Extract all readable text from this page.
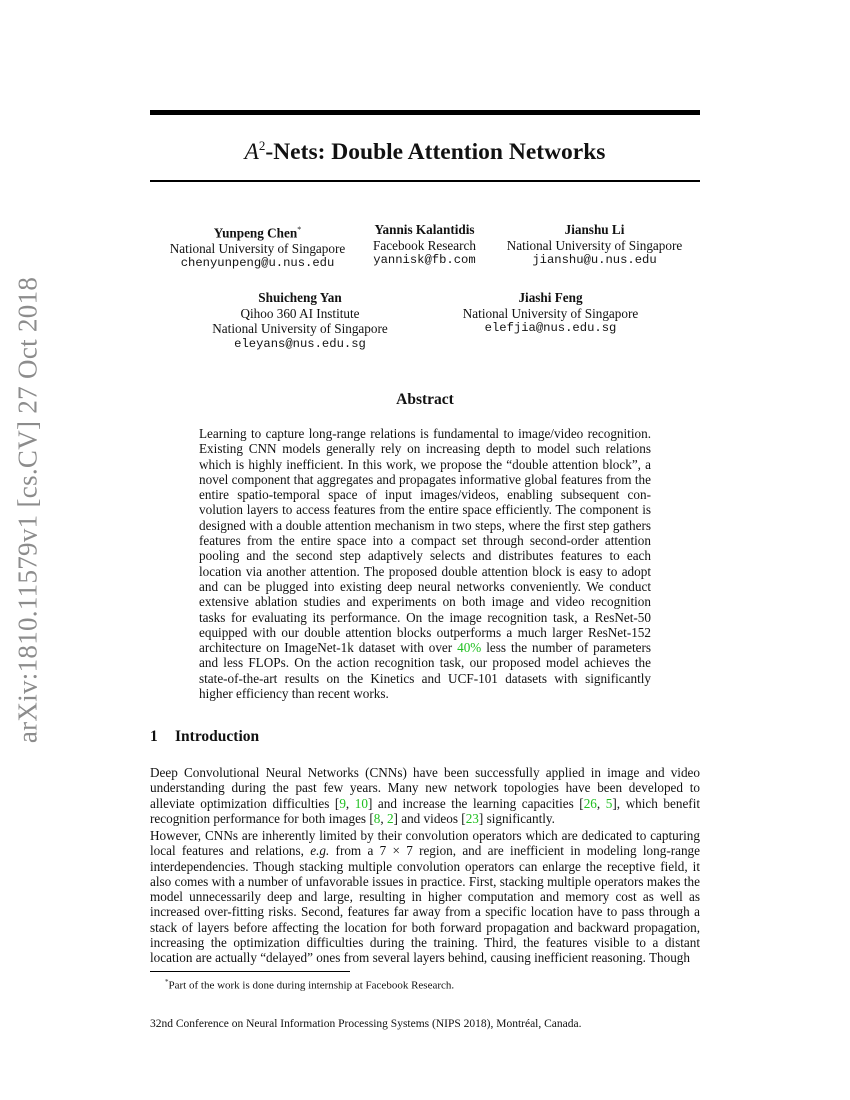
arXiv:1810.11579v1 [cs.CV] 27 Oct 2018
$A^2$-Nets: Double Attention Networks
Yunpeng Chen*
National University of Singapore
chenyunpeng@u.nus.edu
Yannis Kalantidis
Facebook Research
yannisk@fb.com
Jianshu Li
National University of Singapore
jianshu@u.nus.edu
Shuicheng Yan
Qihoo 360 AI Institute
National University of Singapore
eleyans@nus.edu.sg
Jiashi Feng
National University of Singapore
elefjia@nus.edu.sg
Abstract
Learning to capture long-range relations is fundamental to image/video recognition. Existing CNN models generally rely on increasing depth to model such relations which is highly inefficient. In this work, we propose the “double attention block”, a novel component that aggregates and propagates informative global features from the entire spatio-temporal space of input images/videos, enabling subsequent convolution layers to access features from the entire space efficiently. The component is designed with a double attention mechanism in two steps, where the first step gathers features from the entire space into a compact set through second-order attention pooling and the second step adaptively selects and distributes features to each location via another attention. The proposed double attention block is easy to adopt and can be plugged into existing deep neural networks conveniently. We conduct extensive ablation studies and experiments on both image and video recognition tasks for evaluating its performance. On the image recognition task, a ResNet-50 equipped with our double attention blocks outperforms a much larger ResNet-152 architecture on ImageNet-1k dataset with over 40% less the number of parameters and less FLOPs. On the action recognition task, our proposed model achieves the state-of-the-art results on the Kinetics and UCF-101 datasets with significantly higher efficiency than recent works.
1 Introduction
Deep Convolutional Neural Networks (CNNs) have been successfully applied in image and video understanding during the past few years. Many new network topologies have been developed to alleviate optimization difficulties [9, 10] and increase the learning capacities [26, 5], which benefit recognition performance for both images [8, 2] and videos [23] significantly.
However, CNNs are inherently limited by their convolution operators which are dedicated to capturing local features and relations, e.g. from a 7 × 7 region, and are inefficient in modeling long-range interdependencies. Though stacking multiple convolution operators can enlarge the receptive field, it also comes with a number of unfavorable issues in practice. First, stacking multiple operators makes the model unnecessarily deep and large, resulting in higher computation and memory cost as well as increased over-fitting risks. Second, features far away from a specific location have to pass through a stack of layers before affecting the location for both forward propagation and backward propagation, increasing the optimization difficulties during the training. Third, the features visible to a distant location are actually “delayed” ones from several layers behind, causing inefficient reasoning. Though
*Part of the work is done during internship at Facebook Research.
32nd Conference on Neural Information Processing Systems (NIPS 2018), Montréal, Canada.
